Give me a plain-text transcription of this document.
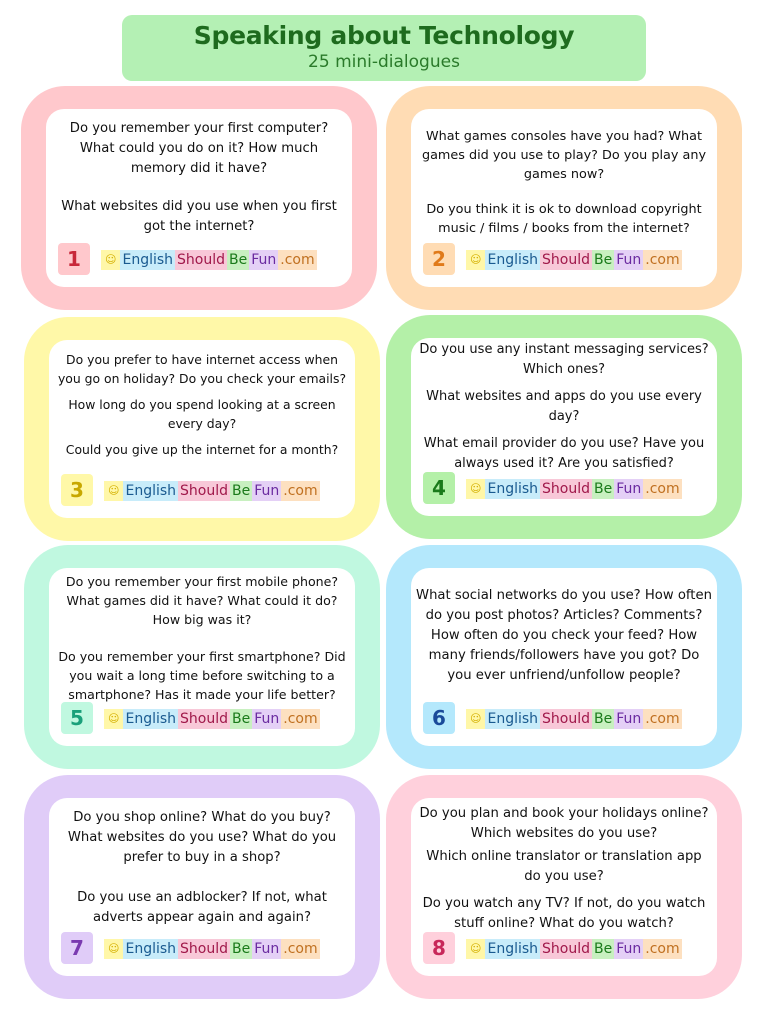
Speaking about Technology
25 mini-dialogues

Do you remember your first computer? What could you do on it? How much memory did it have?

What websites did you use when you first got the internet?

1	☺ English Should Be Fun .com

What games consoles have you had? What games did you use to play? Do you play any games now?

Do you think it is ok to download copyright music / films / books from the internet?

2	☺ English Should Be Fun .com

Do you prefer to have internet access when you go on holiday? Do you check your emails?

How long do you spend looking at a screen every day?

Could you give up the internet for a month?

3	☺ English Should Be Fun .com

Do you use any instant messaging services? Which ones?

What websites and apps do you use every day?

What email provider do you use? Have you always used it? Are you satisfied?

4	☺ English Should Be Fun .com

Do you remember your first mobile phone? What games did it have? What could it do? How big was it?

Do you remember your first smartphone? Did you wait a long time before switching to a smartphone? Has it made your life better?

5	☺ English Should Be Fun .com

What social networks do you use? How often do you post photos? Articles? Comments? How often do you check your feed? How many friends/followers have you got? Do you ever unfriend/unfollow people?

6	☺ English Should Be Fun .com

Do you shop online? What do you buy? What websites do you use? What do you prefer to buy in a shop?

Do you use an adblocker? If not, what adverts appear again and again?

7	☺ English Should Be Fun .com

Do you plan and book your holidays online? Which websites do you use?

Which online translator or translation app do you use?

Do you watch any TV? If not, do you watch stuff online? What do you watch?

8	☺ English Should Be Fun .com
